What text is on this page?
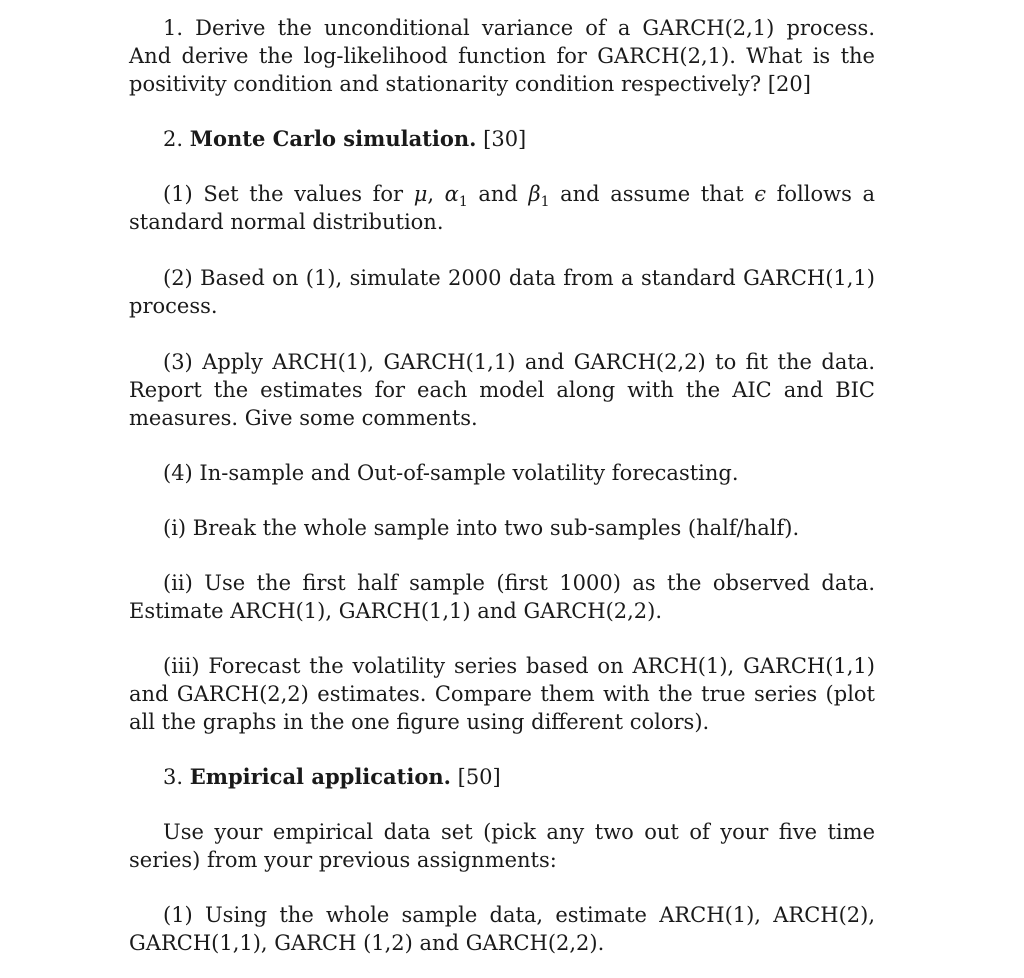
1. Derive the unconditional variance of a GARCH(2,1) process. And derive the log-likelihood function for GARCH(2,1). What is the positivity condition and stationarity condition respectively? [20]

2. Monte Carlo simulation. [30]

(1) Set the values for μ, $\alpha_1$ and $\beta_1$ and assume that ϵ follows a standard normal distribution.

(2) Based on (1), simulate 2000 data from a standard GARCH(1,1) process.

(3) Apply ARCH(1), GARCH(1,1) and GARCH(2,2) to fit the data. Report the estimates for each model along with the AIC and BIC measures. Give some comments.

(4) In-sample and Out-of-sample volatility forecasting.

(i) Break the whole sample into two sub-samples (half/half).

(ii) Use the first half sample (first 1000) as the observed data. Estimate ARCH(1), GARCH(1,1) and GARCH(2,2).

(iii) Forecast the volatility series based on ARCH(1), GARCH(1,1) and GARCH(2,2) estimates. Compare them with the true series (plot all the graphs in the one figure using different colors).

3. Empirical application. [50]

Use your empirical data set (pick any two out of your five time series) from your previous assignments:

(1) Using the whole sample data, estimate ARCH(1), ARCH(2), GARCH(1,1), GARCH (1,2) and GARCH(2,2).
